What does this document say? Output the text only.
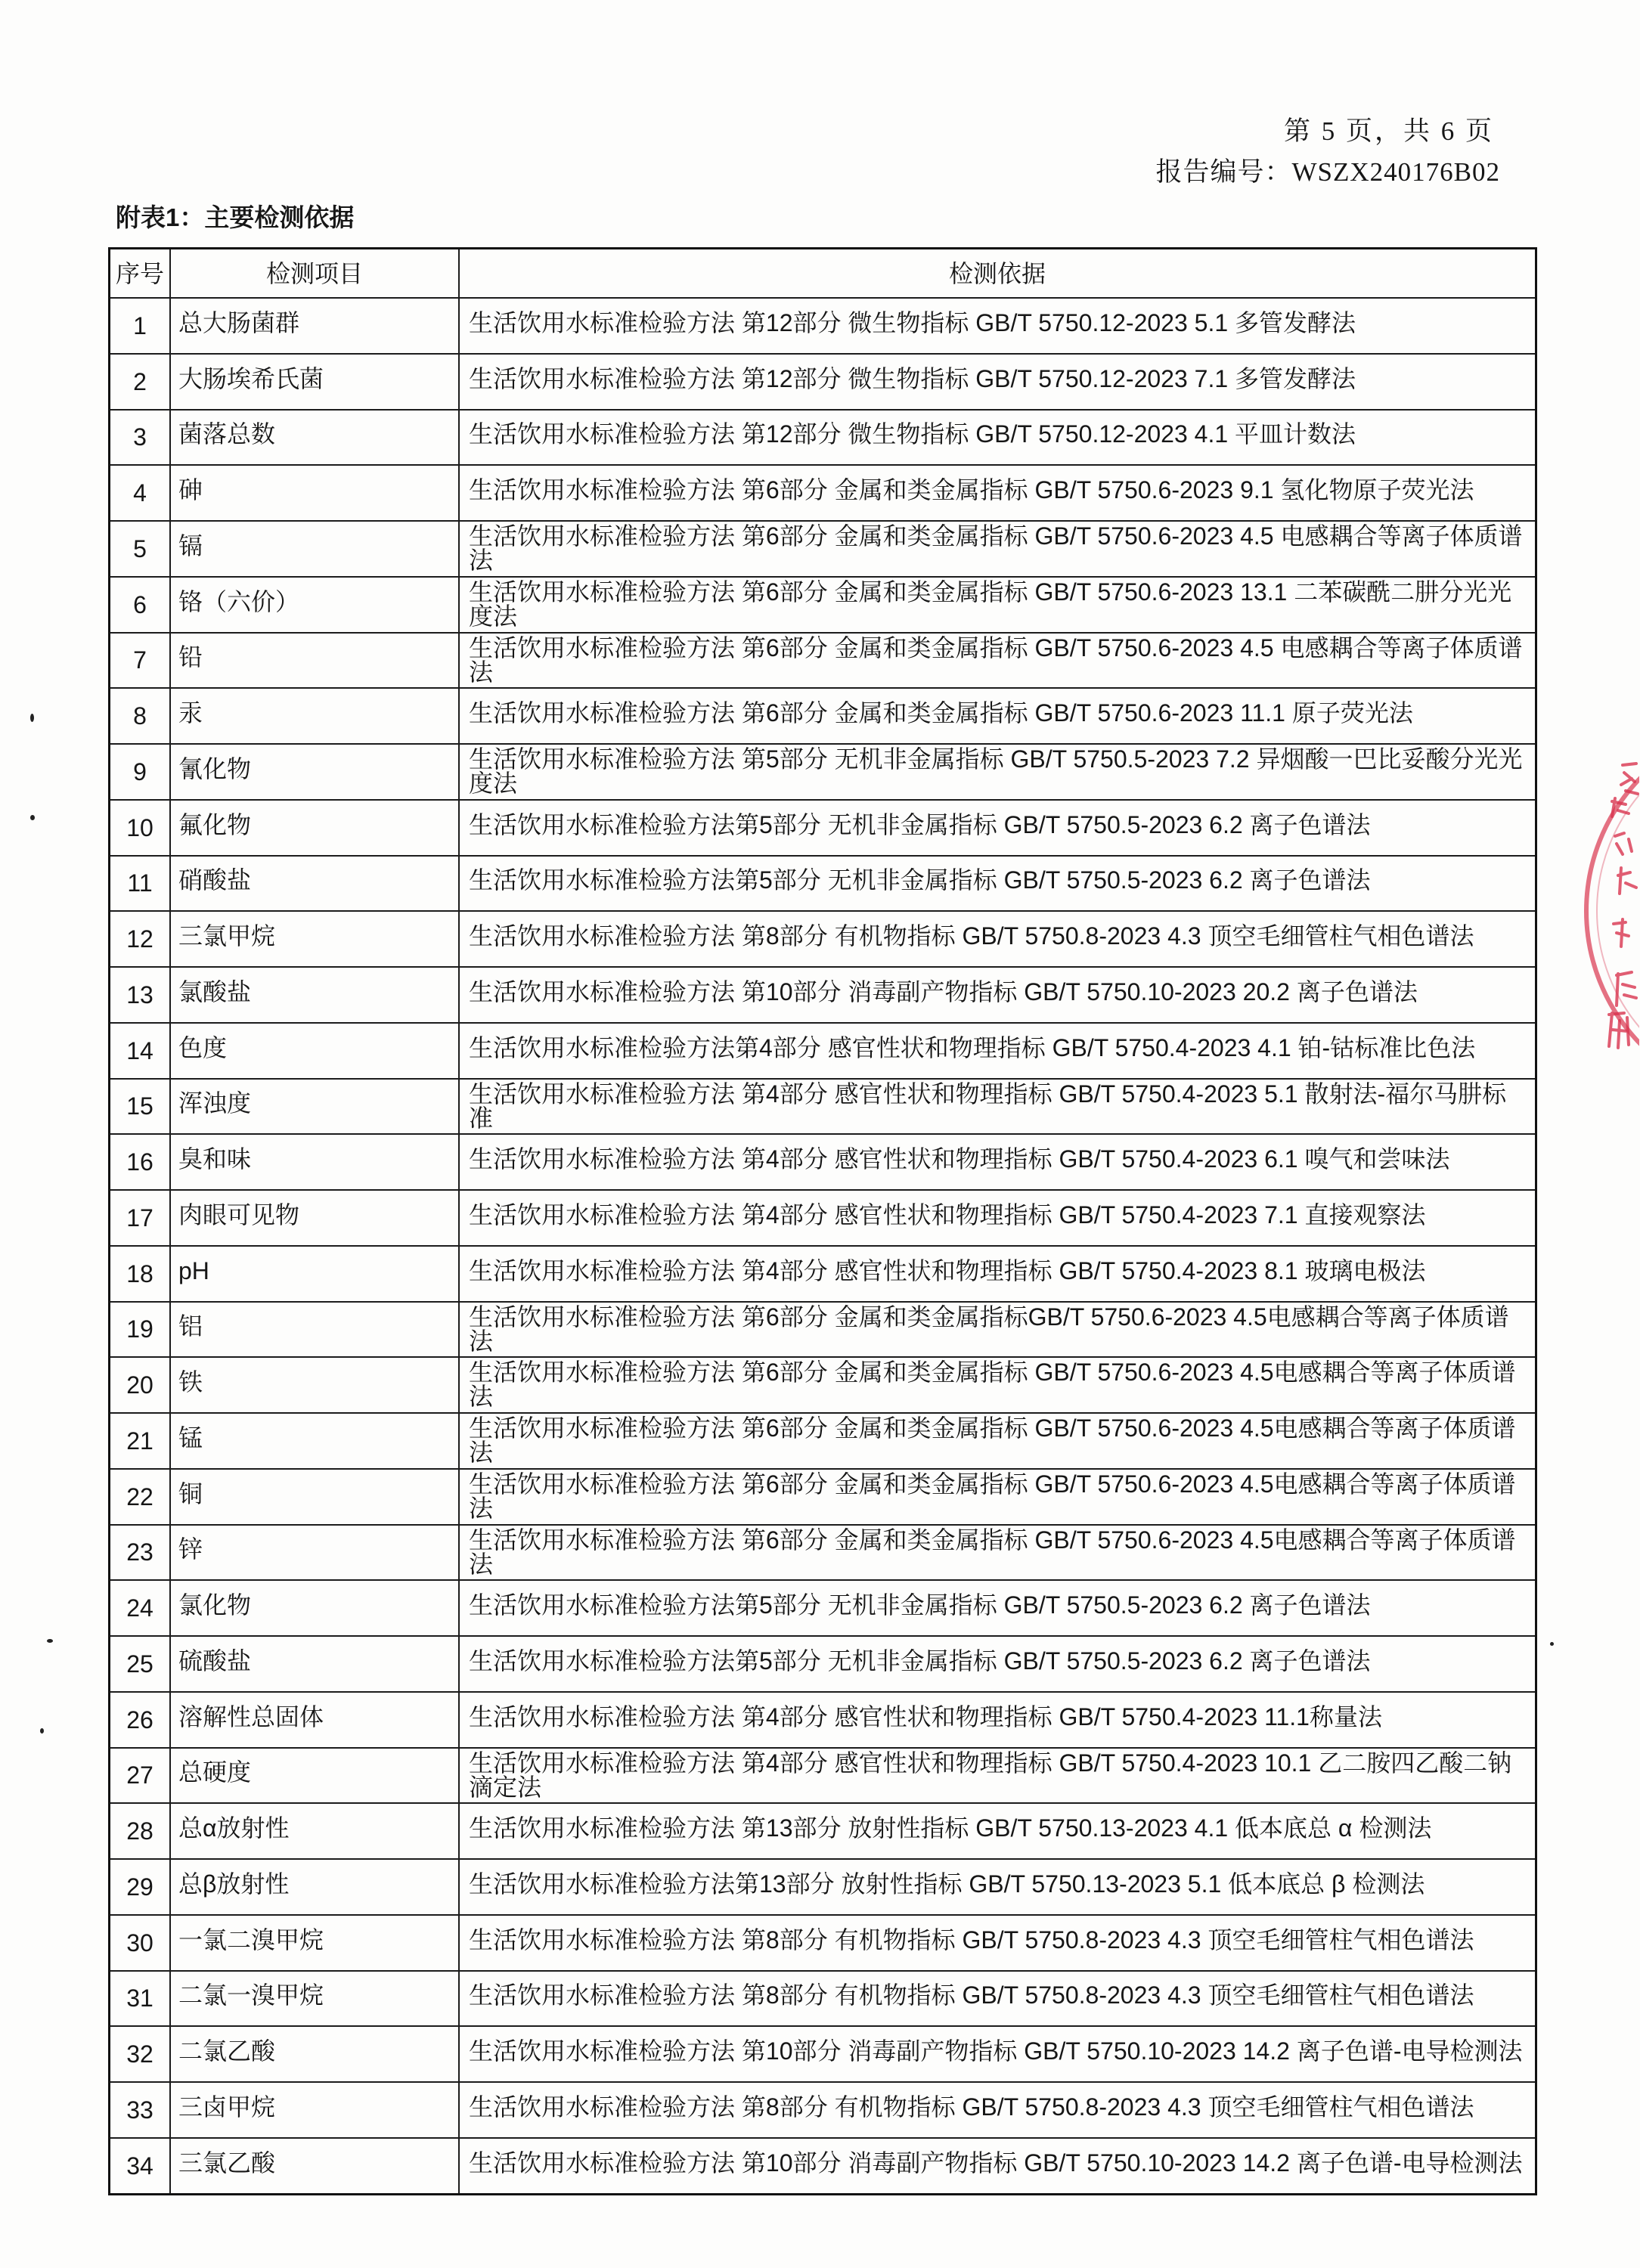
第 5 页，共 6 页
报告编号：WSZX240176B02
附表1：主要检测依据
序号	检测项目	检测依据
1	总大肠菌群	生活饮用水标准检验方法 第12部分 微生物指标 GB/T 5750.12-2023 5.1 多管发酵法
2	大肠埃希氏菌	生活饮用水标准检验方法 第12部分 微生物指标 GB/T 5750.12-2023 7.1 多管发酵法
3	菌落总数	生活饮用水标准检验方法 第12部分 微生物指标 GB/T 5750.12-2023 4.1 平皿计数法
4	砷	生活饮用水标准检验方法 第6部分 金属和类金属指标 GB/T 5750.6-2023 9.1 氢化物原子荧光法
5	镉	生活饮用水标准检验方法 第6部分 金属和类金属指标 GB/T 5750.6-2023 4.5 电感耦合等离子体质谱法
6	铬（六价）	生活饮用水标准检验方法 第6部分 金属和类金属指标 GB/T 5750.6-2023 13.1 二苯碳酰二肼分光光度法
7	铅	生活饮用水标准检验方法 第6部分 金属和类金属指标 GB/T 5750.6-2023 4.5 电感耦合等离子体质谱法
8	汞	生活饮用水标准检验方法 第6部分 金属和类金属指标 GB/T 5750.6-2023 11.1 原子荧光法
9	氰化物	生活饮用水标准检验方法 第5部分 无机非金属指标 GB/T 5750.5-2023 7.2 异烟酸一巴比妥酸分光光度法
10	氟化物	生活饮用水标准检验方法第5部分 无机非金属指标 GB/T 5750.5-2023 6.2 离子色谱法
11	硝酸盐	生活饮用水标准检验方法第5部分 无机非金属指标 GB/T 5750.5-2023 6.2 离子色谱法
12	三氯甲烷	生活饮用水标准检验方法 第8部分 有机物指标 GB/T 5750.8-2023 4.3 顶空毛细管柱气相色谱法
13	氯酸盐	生活饮用水标准检验方法 第10部分 消毒副产物指标 GB/T 5750.10-2023 20.2 离子色谱法
14	色度	生活饮用水标准检验方法第4部分 感官性状和物理指标 GB/T 5750.4-2023 4.1 铂-钴标准比色法
15	浑浊度	生活饮用水标准检验方法 第4部分 感官性状和物理指标 GB/T 5750.4-2023 5.1 散射法-福尔马肼标准
16	臭和味	生活饮用水标准检验方法 第4部分 感官性状和物理指标 GB/T 5750.4-2023 6.1 嗅气和尝味法
17	肉眼可见物	生活饮用水标准检验方法 第4部分 感官性状和物理指标 GB/T 5750.4-2023 7.1 直接观察法
18	pH	生活饮用水标准检验方法 第4部分 感官性状和物理指标 GB/T 5750.4-2023 8.1 玻璃电极法
19	铝	生活饮用水标准检验方法 第6部分 金属和类金属指标GB/T 5750.6-2023 4.5电感耦合等离子体质谱法
20	铁	生活饮用水标准检验方法 第6部分 金属和类金属指标 GB/T 5750.6-2023 4.5电感耦合等离子体质谱法
21	锰	生活饮用水标准检验方法 第6部分 金属和类金属指标 GB/T 5750.6-2023 4.5电感耦合等离子体质谱法
22	铜	生活饮用水标准检验方法 第6部分 金属和类金属指标 GB/T 5750.6-2023 4.5电感耦合等离子体质谱法
23	锌	生活饮用水标准检验方法 第6部分 金属和类金属指标 GB/T 5750.6-2023 4.5电感耦合等离子体质谱法
24	氯化物	生活饮用水标准检验方法第5部分 无机非金属指标 GB/T 5750.5-2023 6.2 离子色谱法
25	硫酸盐	生活饮用水标准检验方法第5部分 无机非金属指标 GB/T 5750.5-2023 6.2 离子色谱法
26	溶解性总固体	生活饮用水标准检验方法 第4部分 感官性状和物理指标 GB/T 5750.4-2023 11.1称量法
27	总硬度	生活饮用水标准检验方法 第4部分 感官性状和物理指标 GB/T 5750.4-2023 10.1 乙二胺四乙酸二钠滴定法
28	总α放射性	生活饮用水标准检验方法 第13部分 放射性指标 GB/T 5750.13-2023 4.1 低本底总 α 检测法
29	总β放射性	生活饮用水标准检验方法第13部分 放射性指标 GB/T 5750.13-2023 5.1 低本底总 β 检测法
30	一氯二溴甲烷	生活饮用水标准检验方法 第8部分 有机物指标 GB/T 5750.8-2023 4.3 顶空毛细管柱气相色谱法
31	二氯一溴甲烷	生活饮用水标准检验方法 第8部分 有机物指标 GB/T 5750.8-2023 4.3 顶空毛细管柱气相色谱法
32	二氯乙酸	生活饮用水标准检验方法 第10部分 消毒副产物指标 GB/T 5750.10-2023 14.2 离子色谱-电导检测法
33	三卤甲烷	生活饮用水标准检验方法 第8部分 有机物指标 GB/T 5750.8-2023 4.3 顶空毛细管柱气相色谱法
34	三氯乙酸	生活饮用水标准检验方法 第10部分 消毒副产物指标 GB/T 5750.10-2023 14.2 离子色谱-电导检测法
